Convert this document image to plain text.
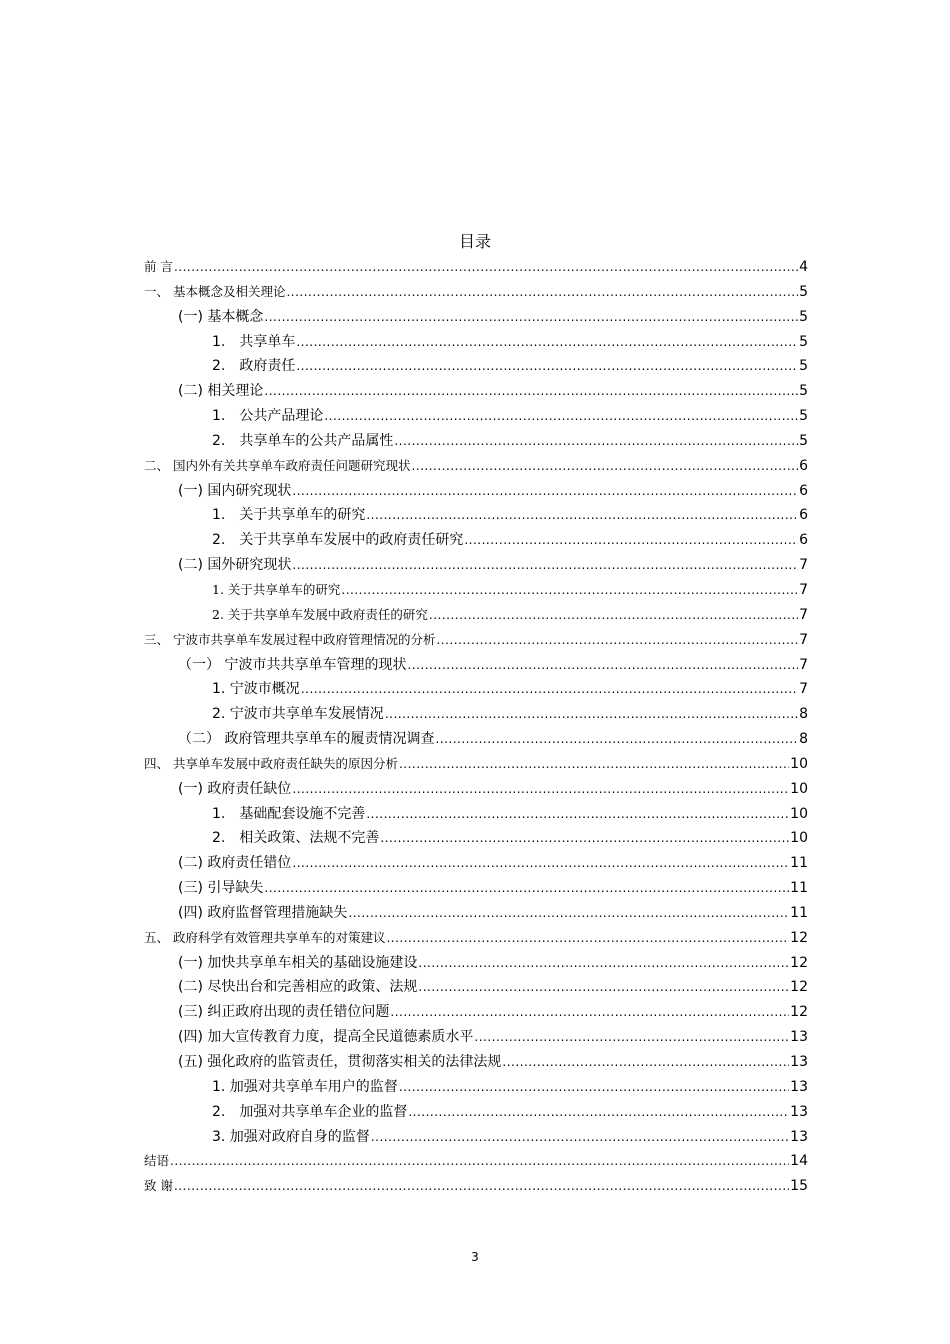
目录
前 言 .....	4
一、 基本概念及相关理论 .....	5
(一) 基本概念 .....	5
1.　共享单车 .....	5
2.　政府责任 .....	5
(二) 相关理论 .....	5
1.　公共产品理论 .....	5
2.　共享单车的公共产品属性 .....	5
二、 国内外有关共享单车政府责任问题研究现状 .....	6
(一) 国内研究现状 .....	6
1.　关于共享单车的研究 .....	6
2.　关于共享单车发展中的政府责任研究 .....	6
(二) 国外研究现状 .....	7
1. 关于共享单车的研究 .....	7
2. 关于共享单车发展中政府责任的研究 .....	7
三、 宁波市共享单车发展过程中政府管理情况的分析 .....	7
（一） 宁波市共共享单车管理的现状 .....	7
1. 宁波市概况 .....	7
2. 宁波市共享单车发展情况 .....	8
（二） 政府管理共享单车的履责情况调查 .....	8
四、 共享单车发展中政府责任缺失的原因分析 .....	10
(一) 政府责任缺位 .....	10
1.　基础配套设施不完善 .....	10
2.　相关政策、法规不完善 .....	10
(二) 政府责任错位 .....	11
(三) 引导缺失 .....	11
(四) 政府监督管理措施缺失 .....	11
五、 政府科学有效管理共享单车的对策建议 .....	12
(一) 加快共享单车相关的基础设施建设 .....	12
(二) 尽快出台和完善相应的政策、法规 .....	12
(三) 纠正政府出现的责任错位问题 .....	12
(四) 加大宣传教育力度，提高全民道德素质水平 .....	13
(五) 强化政府的监管责任，贯彻落实相关的法律法规 .....	13
1. 加强对共享单车用户的监督 .....	13
2.　加强对共享单车企业的监督 .....	13
3. 加强对政府自身的监督 .....	13
结语 .....	14
致 谢 .....	15
3
